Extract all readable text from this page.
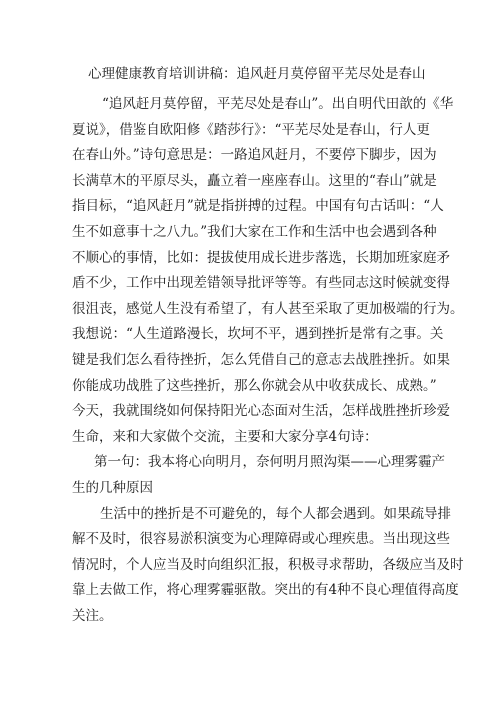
心理健康教育培训讲稿：追风赶月莫停留平芜尽处是春山
“追风赶月莫停留，平芜尽处是春山”。出自明代田歆的《华
夏说》，借鉴自欧阳修《踏莎行》：“平芜尽处是春山，行人更
在春山外。”诗句意思是：一路追风赶月，不要停下脚步，因为
长满草木的平原尽头，矗立着一座座春山。这里的“春山”就是
指目标，“追风赶月”就是指拼搏的过程。中国有句古话叫：“人
生不如意事十之八九。”我们大家在工作和生活中也会遇到各种
不顺心的事情，比如：提拔使用成长进步落选，长期加班家庭矛
盾不少，工作中出现差错领导批评等等。有些同志这时候就变得
很沮丧，感觉人生没有希望了，有人甚至采取了更加极端的行为。
我想说：“人生道路漫长，坎坷不平，遇到挫折是常有之事。关
键是我们怎么看待挫折，怎么凭借自己的意志去战胜挫折。如果
你能成功战胜了这些挫折，那么你就会从中收获成长、成熟。”
今天，我就围绕如何保持阳光心态面对生活，怎样战胜挫折珍爱
生命，来和大家做个交流，主要和大家分享4句诗：
第一句：我本将心向明月，奈何明月照沟渠——心理雾霾产
生的几种原因
生活中的挫折是不可避免的，每个人都会遇到。如果疏导排
解不及时，很容易淤积演变为心理障碍或心理疾患。当出现这些
情况时，个人应当及时向组织汇报，积极寻求帮助，各级应当及时
靠上去做工作，将心理雾霾驱散。突出的有4种不良心理值得高度
关注。
